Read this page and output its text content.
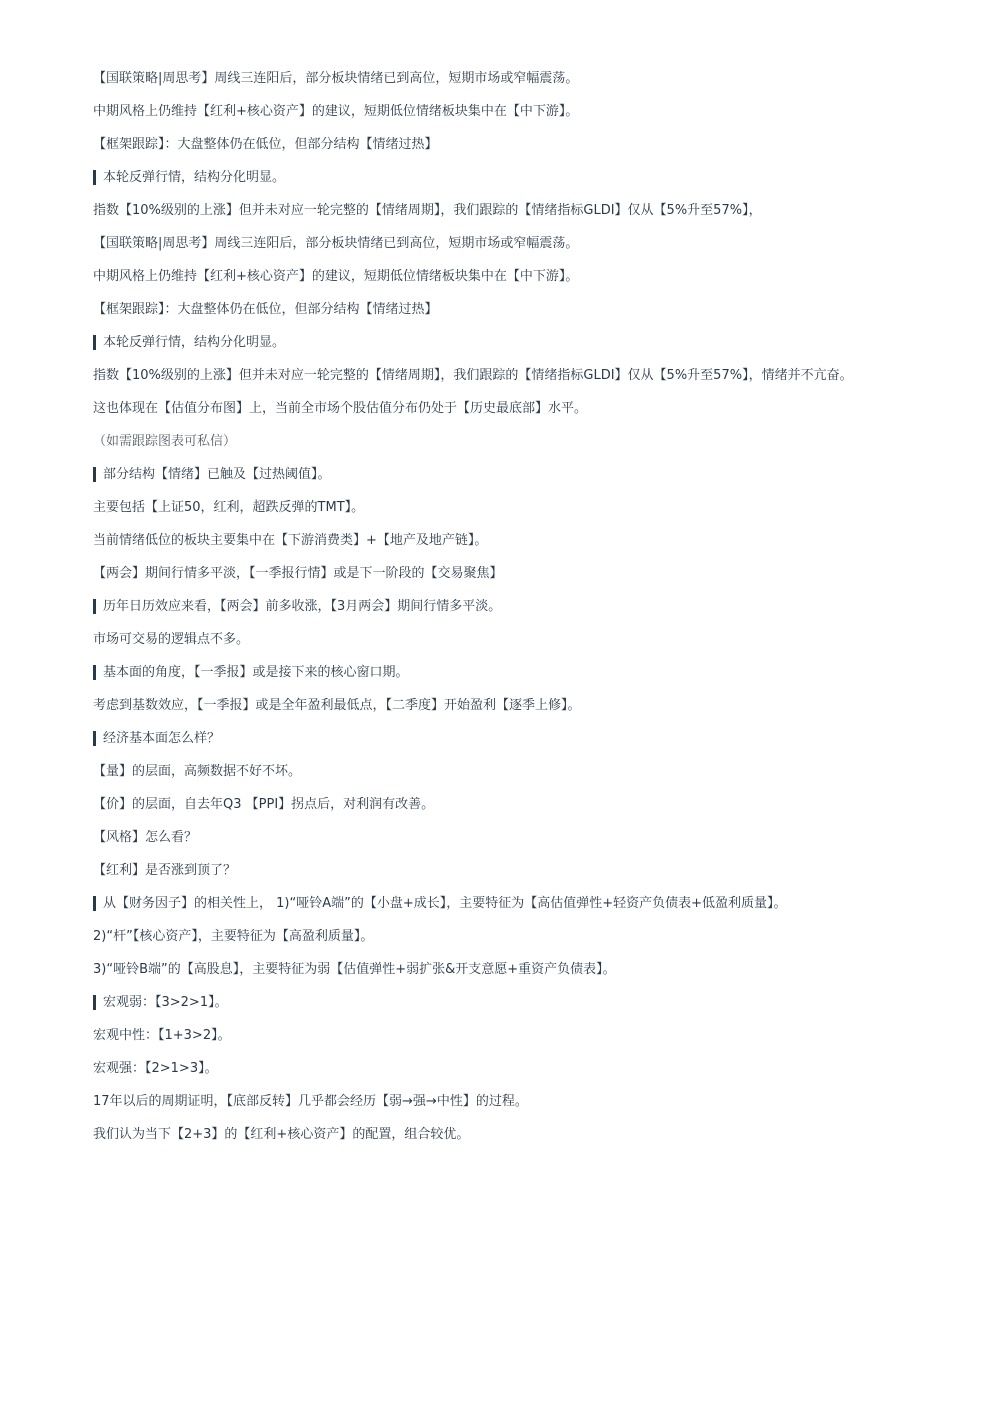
【国联策略|周思考】周线三连阳后，部分板块情绪已到高位，短期市场或窄幅震荡。
中期风格上仍维持【红利+核心资产】的建议，短期低位情绪板块集中在【中下游】。
【框架跟踪】：大盘整体仍在低位，但部分结构【情绪过热】
本轮反弹行情，结构分化明显。
指数【10%级别的上涨】但并未对应一轮完整的【情绪周期】，我们跟踪的【情绪指标GLDI】仅从【5%升至57%】，
【国联策略|周思考】周线三连阳后，部分板块情绪已到高位，短期市场或窄幅震荡。
中期风格上仍维持【红利+核心资产】的建议，短期低位情绪板块集中在【中下游】。
【框架跟踪】：大盘整体仍在低位，但部分结构【情绪过热】
本轮反弹行情，结构分化明显。
指数【10%级别的上涨】但并未对应一轮完整的【情绪周期】，我们跟踪的【情绪指标GLDI】仅从【5%升至57%】，情绪并不亢奋。
这也体现在【估值分布图】上，当前全市场个股估值分布仍处于【历史最底部】水平。
（如需跟踪图表可私信）
部分结构【情绪】已触及【过热阈值】。
主要包括【上证50，红利，超跌反弹的TMT】。
当前情绪低位的板块主要集中在【下游消费类】+【地产及地产链】。
【两会】期间行情多平淡，【一季报行情】或是下一阶段的【交易聚焦】
历年日历效应来看，【两会】前多收涨，【3月两会】期间行情多平淡。
市场可交易的逻辑点不多。
基本面的角度，【一季报】或是接下来的核心窗口期。
考虑到基数效应，【一季报】或是全年盈利最低点，【二季度】开始盈利【逐季上修】。
经济基本面怎么样？
【量】的层面，高频数据不好不坏。
【价】的层面，自去年Q3 【PPI】拐点后，对利润有改善。
【风格】怎么看？
【红利】是否涨到顶了？
从【财务因子】的相关性上， 1)“哑铃A端”的【小盘+成长】，主要特征为【高估值弹性+轻资产负债表+低盈利质量】。
2)“杆”【核心资产】，主要特征为【高盈利质量】。
3)“哑铃B端”的【高股息】，主要特征为弱【估值弹性+弱扩张&开支意愿+重资产负债表】。
宏观弱：【3>2>1】。
宏观中性：【1+3>2】。
宏观强：【2>1>3】。
17年以后的周期证明，【底部反转】几乎都会经历【弱→强→中性】的过程。
我们认为当下【2+3】的【红利+核心资产】的配置，组合较优。
